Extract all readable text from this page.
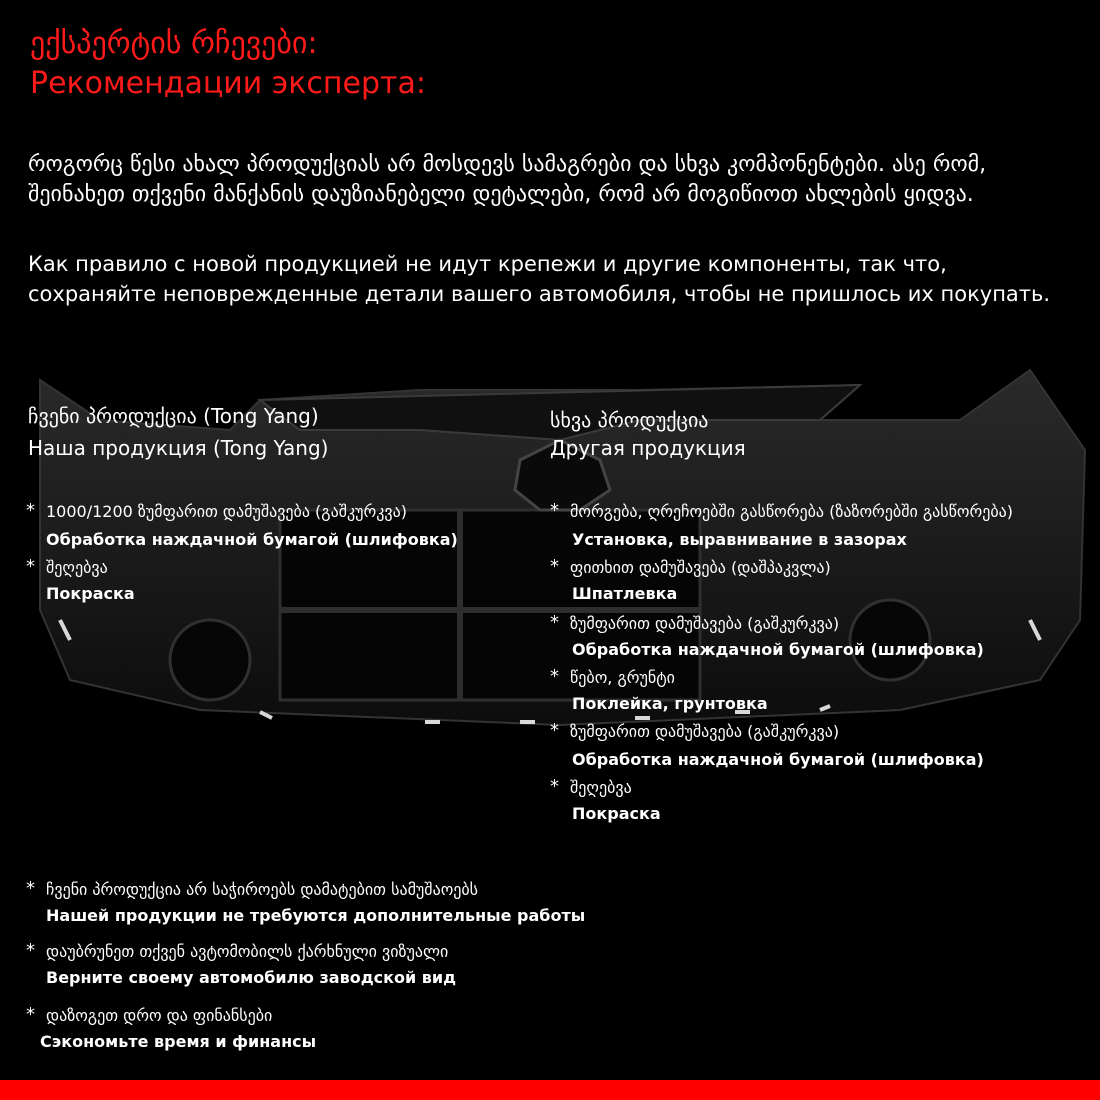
ექსპერტის რჩევები:
Рекомендации эксперта:
როგორც წესი ახალ პროდუქციას არ მოსდევს სამაგრები და სხვა კომპონენტები. ასე რომ, შეინახეთ თქვენი მანქანის დაუზიანებელი დეტალები, რომ არ მოგიწიოთ ახლების ყიდვა.
Как правило с новой продукцией не идут крепежи и другие компоненты, так что, сохраняйте неповрежденные детали вашего автомобиля, чтобы не пришлось их покупать.
ჩვენი პროდუქცია (Tong Yang)
Наша продукция (Tong Yang)
* 1000/1200 ზუმფარით დამუშავება (გაშკურკვა)
Обработка наждачной бумагой (шлифовка)
* შეღებვა
Покраска
სხვა პროდუქცია
Другая продукция
* მორგება, ღრეჩოებში გასწორება (ზაზორებში გასწორება)
Установка, выравнивание в зазорах
* ფითხით დამუშავება (დაშპაკვლა)
Шпатлевка
* ზუმფარით დამუშავება (გაშკურკვა)
Обработка наждачной бумагой (шлифовка)
* წებო, გრუნტი
Поклейка, грунтовка
* ზუმფარით დამუშავება (გაშკურკვა)
Обработка наждачной бумагой (шлифовка)
* შეღებვა
Покраска
* ჩვენი პროდუქცია არ საჭიროებს დამატებით სამუშაოებს
Нашей продукции не требуются дополнительные работы
* დაუბრუნეთ თქვენ ავტომობილს ქარხნული ვიზუალი
Верните своему автомобилю заводской вид
* დაზოგეთ დრო და ფინანსები
Сэкономьте время и финансы
